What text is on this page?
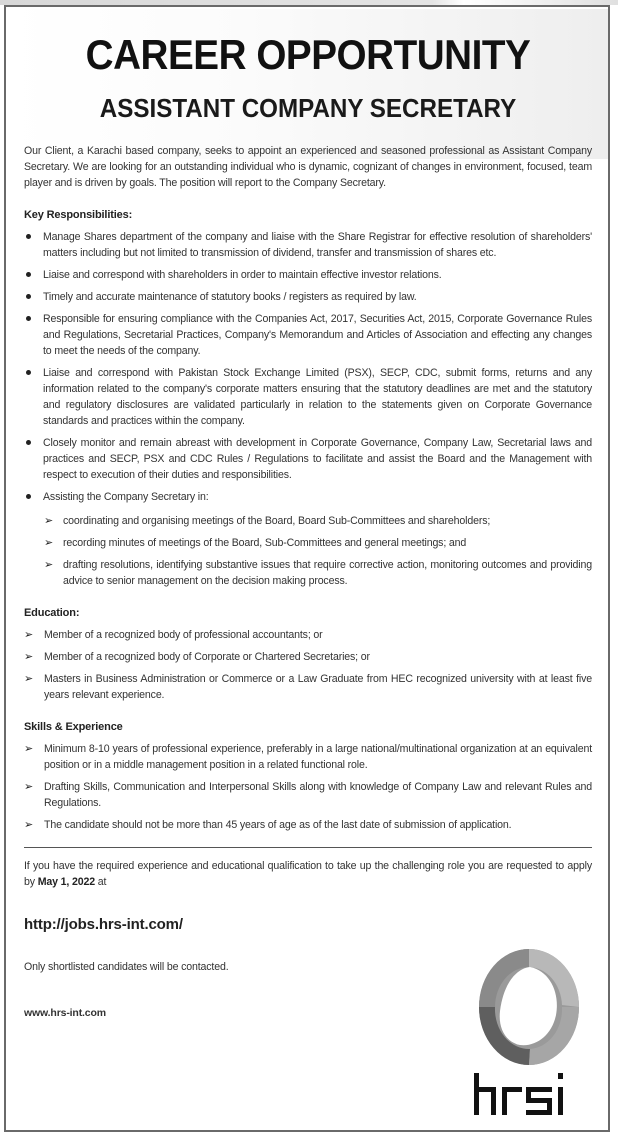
CAREER OPPORTUNITY
ASSISTANT COMPANY SECRETARY

Our Client, a Karachi based company, seeks to appoint an experienced and seasoned professional as Assistant Company Secretary. We are looking for an outstanding individual who is dynamic, cognizant of changes in environment, focused, team player and is driven by goals. The position will report to the Company Secretary.

Key Responsibilities:
Manage Shares department of the company and liaise with the Share Registrar for effective resolution of shareholders' matters including but not limited to transmission of dividend, transfer and transmission of shares etc.
Liaise and correspond with shareholders in order to maintain effective investor relations.
Timely and accurate maintenance of statutory books / registers as required by law.
Responsible for ensuring compliance with the Companies Act, 2017, Securities Act, 2015, Corporate Governance Rules and Regulations, Secretarial Practices, Company's Memorandum and Articles of Association and effecting any changes to meet the needs of the company.
Liaise and correspond with Pakistan Stock Exchange Limited (PSX), SECP, CDC, submit forms, returns and any information related to the company's corporate matters ensuring that the statutory deadlines are met and the statutory and regulatory disclosures are validated particularly in relation to the statements given on Corporate Governance standards and practices within the company.
Closely monitor and remain abreast with development in Corporate Governance, Company Law, Secretarial laws and practices and SECP, PSX and CDC Rules / Regulations to facilitate and assist the Board and the Management with respect to execution of their duties and responsibilities.
Assisting the Company Secretary in:
➢ coordinating and organising meetings of the Board, Board Sub-Committees and shareholders;
➢ recording minutes of meetings of the Board, Sub-Committees and general meetings; and
➢ drafting resolutions, identifying substantive issues that require corrective action, monitoring outcomes and providing advice to senior management on the decision making process.
Education:
➢ Member of a recognized body of professional accountants; or
➢ Member of a recognized body of Corporate or Chartered Secretaries; or
➢ Masters in Business Administration or Commerce or a Law Graduate from HEC recognized university with at least five years relevant experience.
Skills & Experience
➢ Minimum 8-10 years of professional experience, preferably in a large national/multinational organization at an equivalent position or in a middle management position in a related functional role.
➢ Drafting Skills, Communication and Interpersonal Skills along with knowledge of Company Law and relevant Rules and Regulations.
➢ The candidate should not be more than 45 years of age as of the last date of submission of application.

If you have the required experience and educational qualification to take up the challenging role you are requested to apply by May 1, 2022 at

http://jobs.hrs-int.com/
Only shortlisted candidates will be contacted.
www.hrs-int.com
